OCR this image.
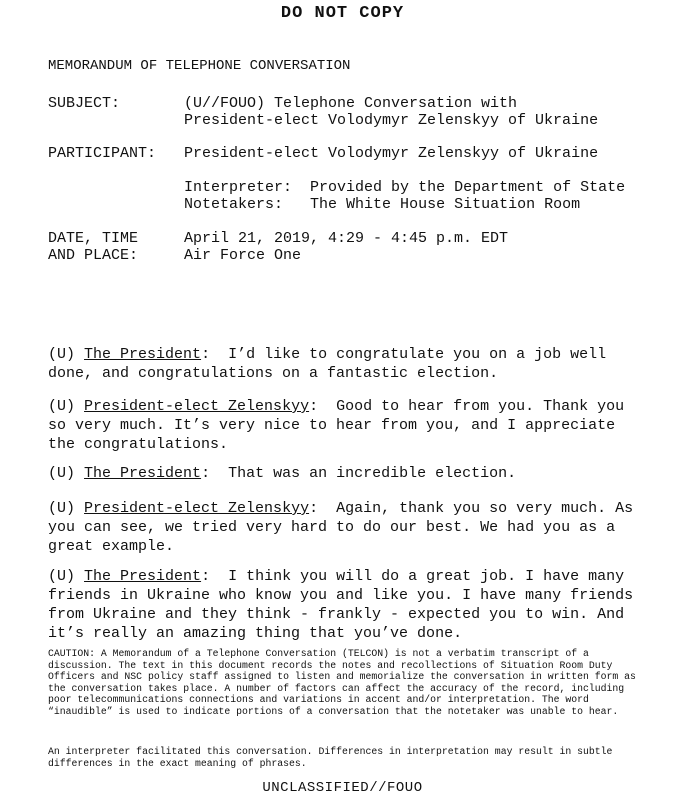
DO NOT COPY
MEMORANDUM OF TELEPHONE CONVERSATION
SUBJECT:	(U//FOUO) Telephone Conversation with
President-elect Volodymyr Zelenskyy of Ukraine
PARTICIPANT:	President-elect Volodymyr Zelenskyy of Ukraine
Interpreter: Provided by the Department of State
Notetakers: The White House Situation Room
DATE, TIME	April 21, 2019, 4:29 - 4:45 p.m. EDT
AND PLACE:	Air Force One
(U) The President:  I’d like to congratulate you on a job well done, and congratulations on a fantastic election.
(U) President-elect Zelenskyy:  Good to hear from you. Thank you so very much. It’s very nice to hear from you, and I appreciate the congratulations.
(U) The President:  That was an incredible election.
(U) President-elect Zelenskyy:  Again, thank you so very much. As you can see, we tried very hard to do our best. We had you as a great example.
(U) The President:  I think you will do a great job. I have many friends in Ukraine who know you and like you. I have many friends from Ukraine and they think - frankly - expected you to win. And it’s really an amazing thing that you’ve done.
CAUTION: A Memorandum of a Telephone Conversation (TELCON) is not a verbatim transcript of a discussion. The text in this document records the notes and recollections of Situation Room Duty Officers and NSC policy staff assigned to listen and memorialize the conversation in written form as the conversation takes place. A number of factors can affect the accuracy of the record, including poor telecommunications connections and variations in accent and/or interpretation. The word “inaudible” is used to indicate portions of a conversation that the notetaker was unable to hear.
An interpreter facilitated this conversation. Differences in interpretation may result in subtle differences in the exact meaning of phrases.
UNCLASSIFIED//FOUO
